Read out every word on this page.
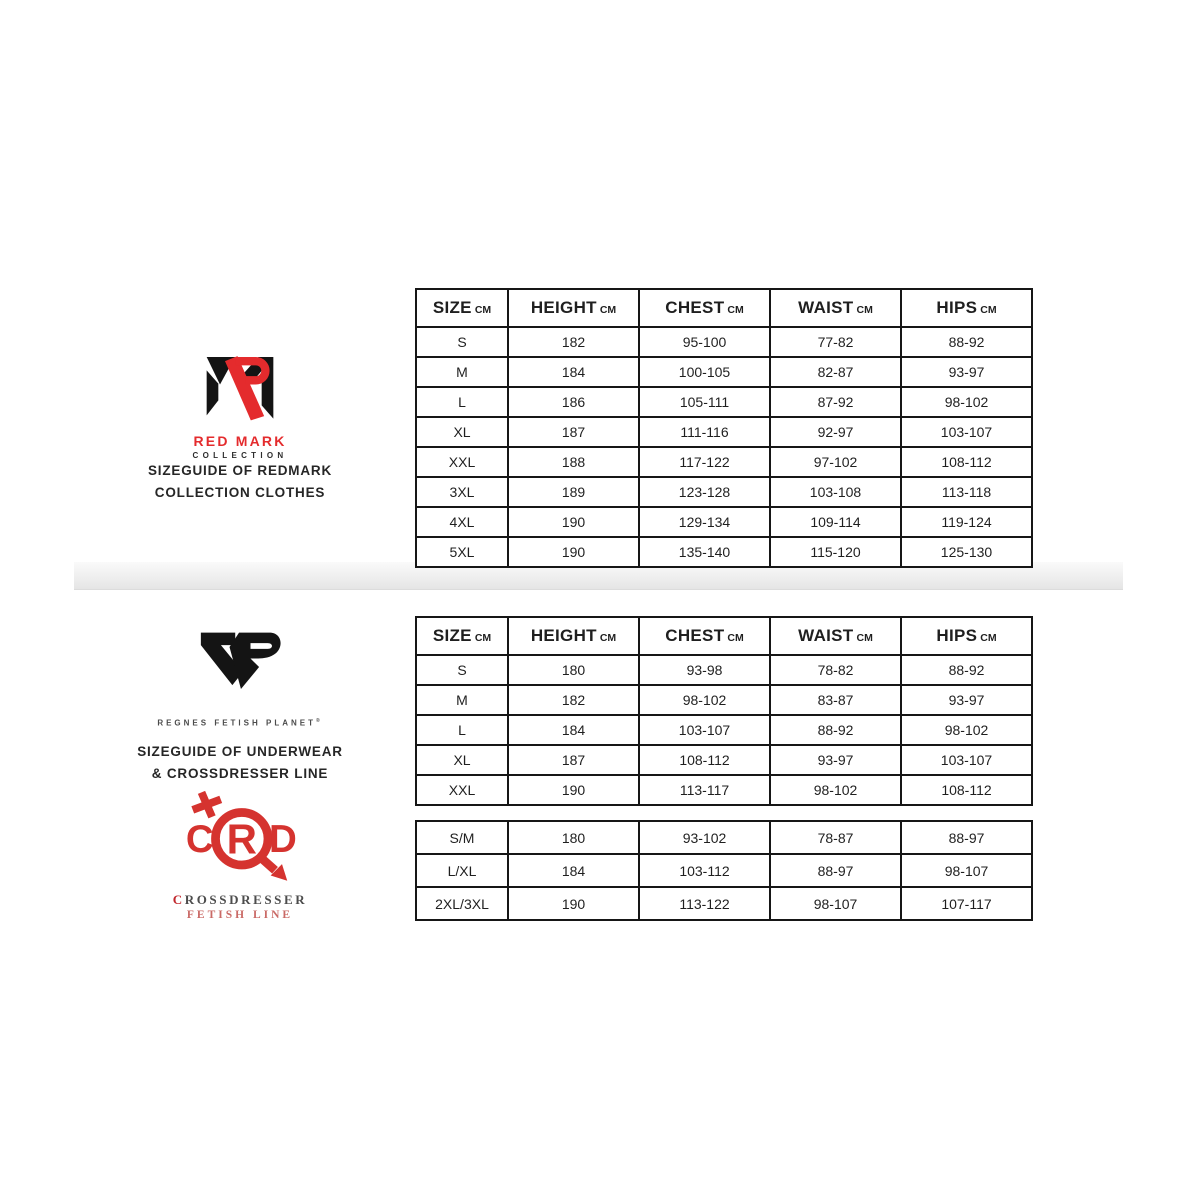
RED MARK
COLLECTION
SIZEGUIDE OF REDMARK
COLLECTION CLOTHES
REGNES FETISH PLANET®
SIZEGUIDE OF UNDERWEAR
& CROSSDRESSER LINE
C R D
CROSSDRESSER
FETISH LINE
SIZE CM	HEIGHT CM	CHEST CM	WAIST CM	HIPS CM
S	182	95-100	77-82	88-92
M	184	100-105	82-87	93-97
L	186	105-111	87-92	98-102
XL	187	111-116	92-97	103-107
XXL	188	117-122	97-102	108-112
3XL	189	123-128	103-108	113-118
4XL	190	129-134	109-114	119-124
5XL	190	135-140	115-120	125-130
SIZE CM	HEIGHT CM	CHEST CM	WAIST CM	HIPS CM
S	180	93-98	78-82	88-92
M	182	98-102	83-87	93-97
L	184	103-107	88-92	98-102
XL	187	108-112	93-97	103-107
XXL	190	113-117	98-102	108-112
S/M	180	93-102	78-87	88-97
L/XL	184	103-112	88-97	98-107
2XL/3XL	190	113-122	98-107	107-117
